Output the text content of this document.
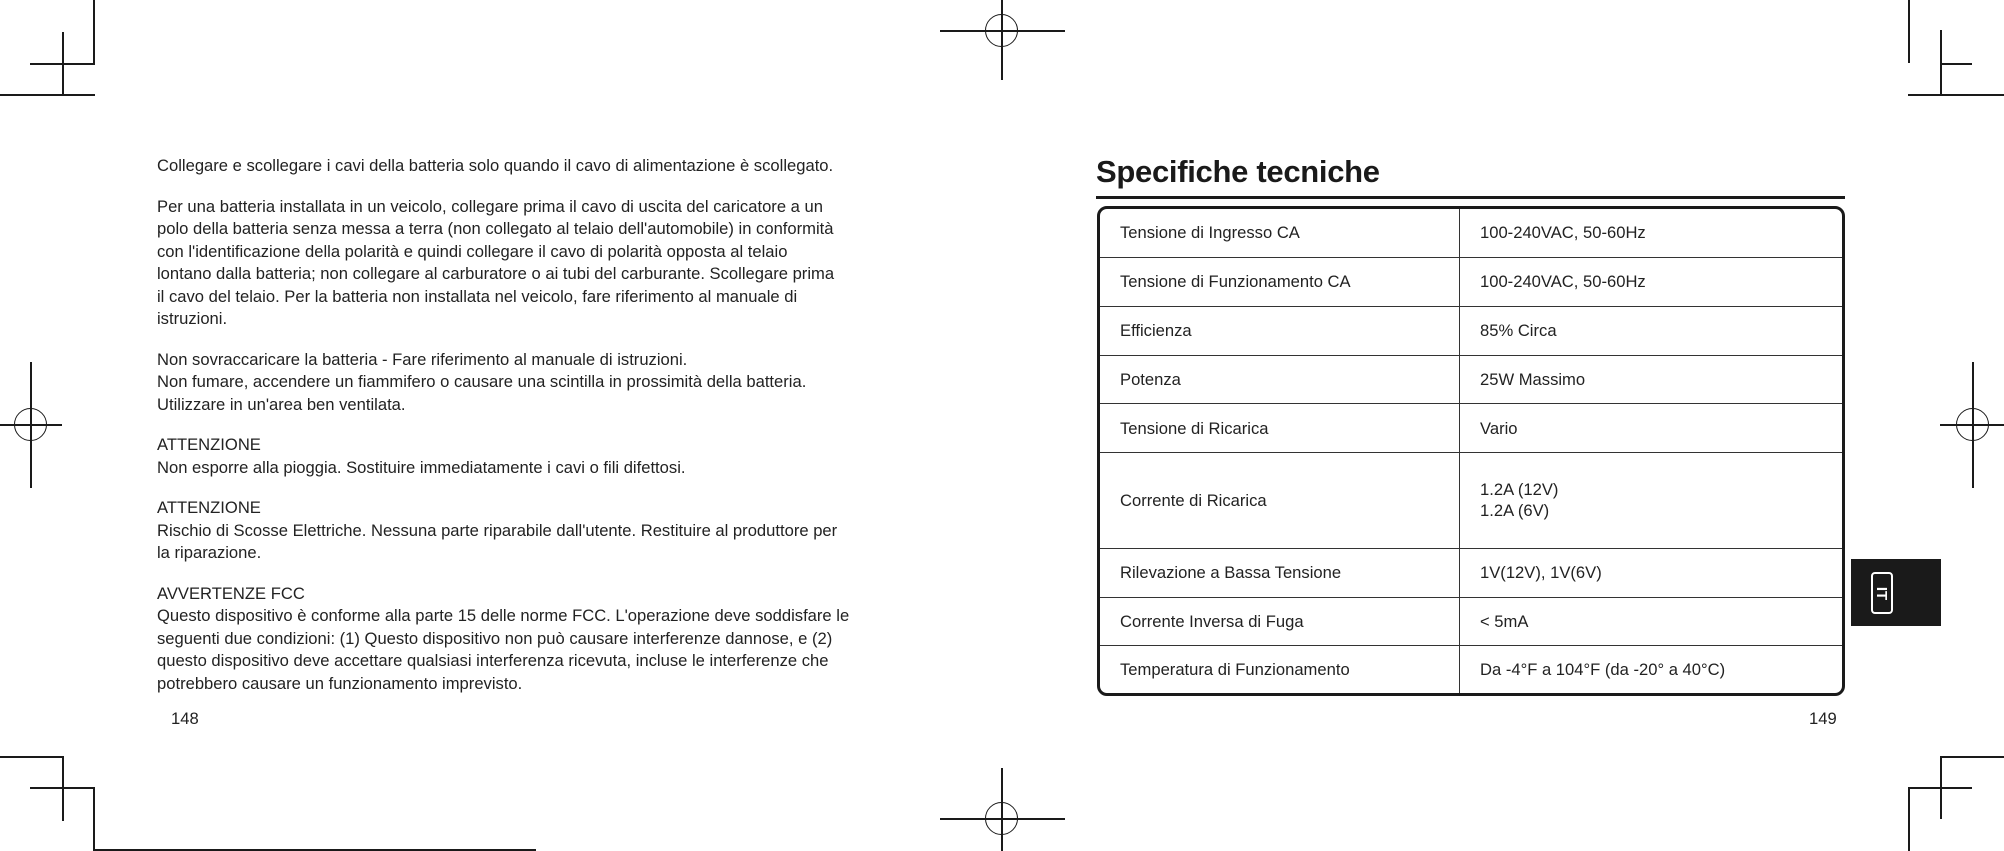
Collegare e scollegare i cavi della batteria solo quando il cavo di alimentazione è scollegato.

Per una batteria installata in un veicolo, collegare prima il cavo di uscita del caricatore a un
polo della batteria senza messa a terra (non collegato al telaio dell'automobile) in conformità
con l'identificazione della polarità e quindi collegare il cavo di polarità opposta al telaio
lontano dalla batteria; non collegare al carburatore o ai tubi del carburante. Scollegare prima
il cavo del telaio. Per la batteria non installata nel veicolo, fare riferimento al manuale di
istruzioni.

Non sovraccaricare la batteria - Fare riferimento al manuale di istruzioni.
Non fumare, accendere un fiammifero o causare una scintilla in prossimità della batteria.
Utilizzare in un'area ben ventilata.

ATTENZIONE
Non esporre alla pioggia. Sostituire immediatamente i cavi o fili difettosi.

ATTENZIONE
Rischio di Scosse Elettriche. Nessuna parte riparabile dall'utente. Restituire al produttore per
la riparazione.

AVVERTENZE FCC
Questo dispositivo è conforme alla parte 15 delle norme FCC. L'operazione deve soddisfare le
seguenti due condizioni: (1) Questo dispositivo non può causare interferenze dannose, e (2)
questo dispositivo deve accettare qualsiasi interferenza ricevuta, incluse le interferenze che
potrebbero causare un funzionamento imprevisto.

148
Specifiche tecniche
Tensione di Ingresso CA	100-240VAC, 50-60Hz
Tensione di Funzionamento CA	100-240VAC, 50-60Hz
Efficienza	85% Circa
Potenza	25W Massimo
Tensione di Ricarica	Vario
Corrente di Ricarica	1.2A (12V)
1.2A (6V)
Rilevazione a Bassa Tensione	1V(12V), 1V(6V)
Corrente Inversa di Fuga	< 5mA
Temperatura di Funzionamento	Da -4°F a 104°F (da -20° a 40°C)
149
IT
